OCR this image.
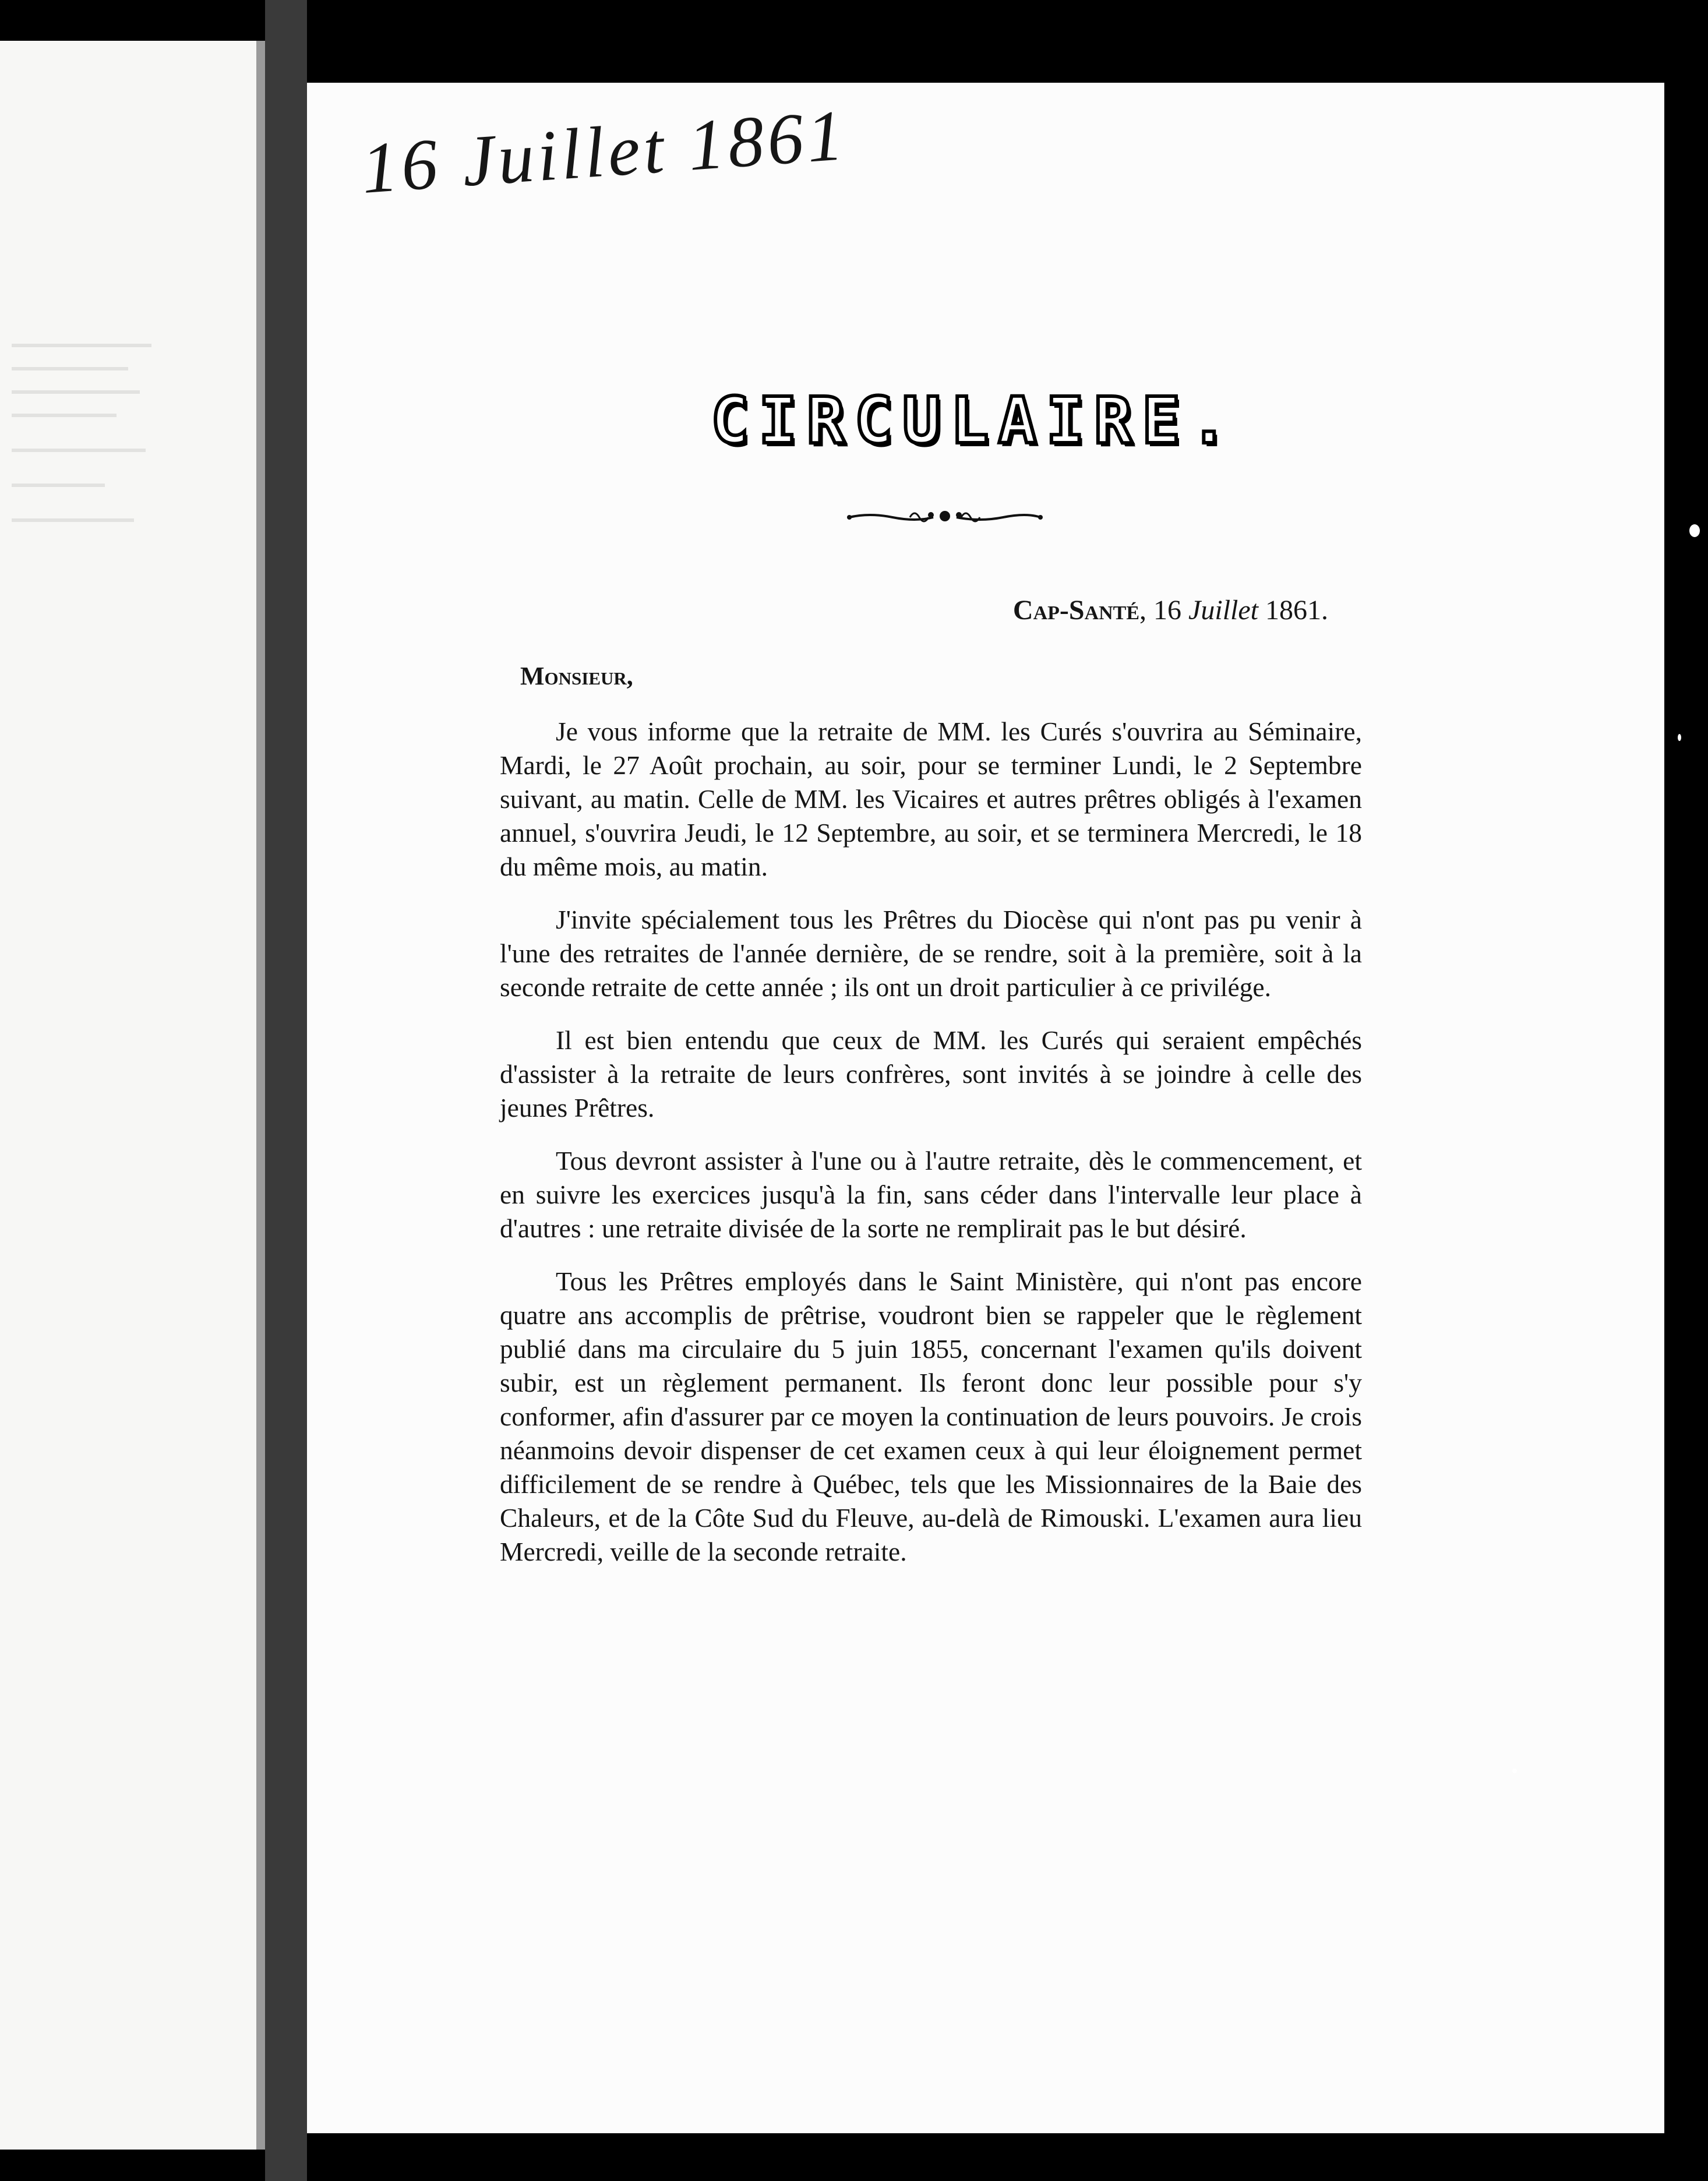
16 Juillet 1861
CIRCULAIRE.
Cap-Santé, 16 Juillet 1861.
Monsieur,

Je vous informe que la retraite de MM. les Curés s'ouvrira au Séminaire, Mardi, le 27 Août prochain, au soir, pour se terminer Lundi, le 2 Septembre suivant, au matin. Celle de MM. les Vicaires et autres prêtres obligés à l'examen annuel, s'ouvrira Jeudi, le 12 Septembre, au soir, et se terminera Mercredi, le 18 du même mois, au matin.

J'invite spécialement tous les Prêtres du Diocèse qui n'ont pas pu venir à l'une des retraites de l'année dernière, de se rendre, soit à la première, soit à la seconde retraite de cette année ; ils ont un droit particulier à ce privilége.

Il est bien entendu que ceux de MM. les Curés qui seraient empêchés d'assister à la retraite de leurs confrères, sont invités à se joindre à celle des jeunes Prêtres.

Tous devront assister à l'une ou à l'autre retraite, dès le commencement, et en suivre les exercices jusqu'à la fin, sans céder dans l'intervalle leur place à d'autres : une retraite divisée de la sorte ne remplirait pas le but désiré.

Tous les Prêtres employés dans le Saint Ministère, qui n'ont pas encore quatre ans accomplis de prêtrise, voudront bien se rappeler que le règlement publié dans ma circulaire du 5 juin 1855, concernant l'examen qu'ils doivent subir, est un règlement permanent. Ils feront donc leur possible pour s'y conformer, afin d'assurer par ce moyen la continuation de leurs pouvoirs. Je crois néanmoins devoir dispenser de cet examen ceux à qui leur éloignement permet difficilement de se rendre à Québec, tels que les Missionnaires de la Baie des Chaleurs, et de la Côte Sud du Fleuve, au-delà de Rimouski. L'examen aura lieu Mercredi, veille de la seconde retraite.
